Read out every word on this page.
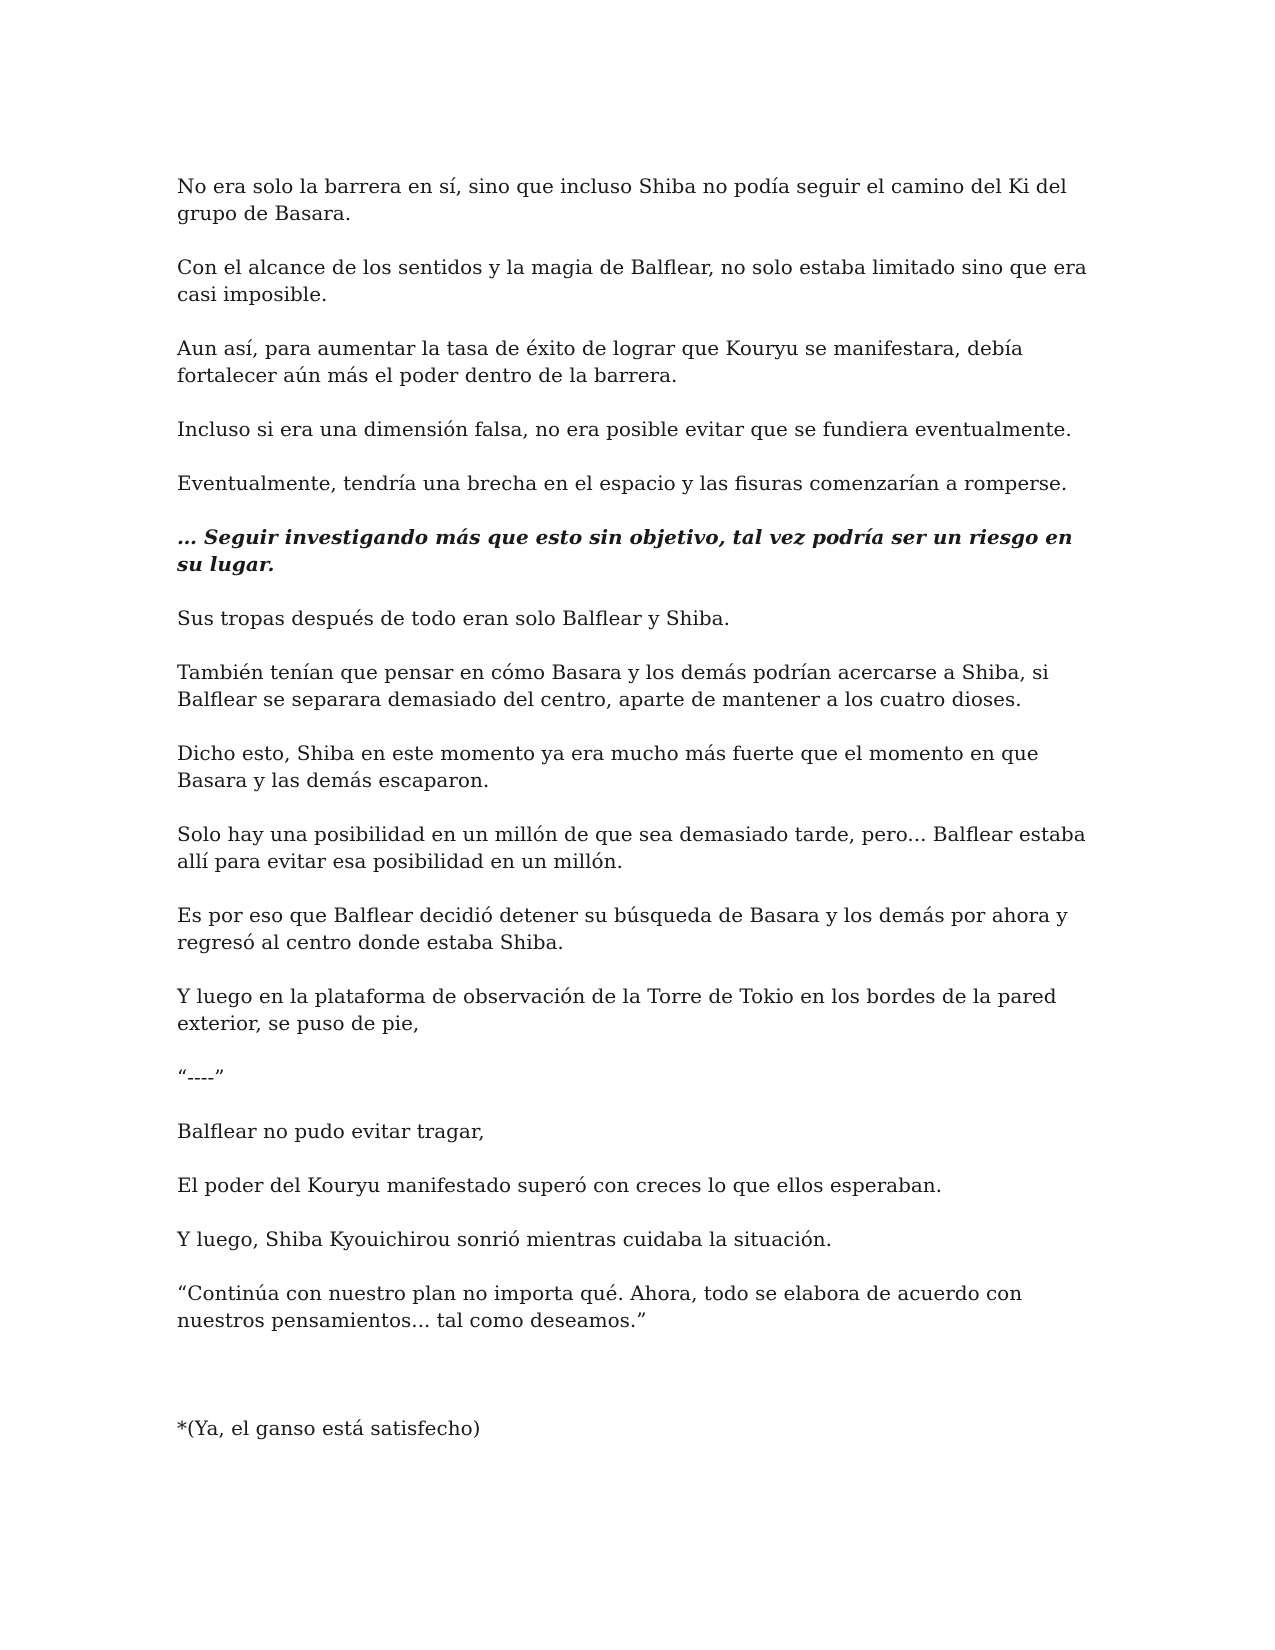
No era solo la barrera en sí, sino que incluso Shiba no podía seguir el camino del Ki del grupo de Basara.

Con el alcance de los sentidos y la magia de Balflear, no solo estaba limitado sino que era casi imposible.

Aun así, para aumentar la tasa de éxito de lograr que Kouryu se manifestara, debía fortalecer aún más el poder dentro de la barrera.

Incluso si era una dimensión falsa, no era posible evitar que se fundiera eventualmente.

Eventualmente, tendría una brecha en el espacio y las fisuras comenzarían a romperse.

… Seguir investigando más que esto sin objetivo, tal vez podría ser un riesgo en su lugar.

Sus tropas después de todo eran solo Balflear y Shiba.

También tenían que pensar en cómo Basara y los demás podrían acercarse a Shiba, si Balflear se separara demasiado del centro, aparte de mantener a los cuatro dioses.

Dicho esto, Shiba en este momento ya era mucho más fuerte que el momento en que Basara y las demás escaparon.

Solo hay una posibilidad en un millón de que sea demasiado tarde, pero... Balflear estaba allí para evitar esa posibilidad en un millón.

Es por eso que Balflear decidió detener su búsqueda de Basara y los demás por ahora y regresó al centro donde estaba Shiba.

Y luego en la plataforma de observación de la Torre de Tokio en los bordes de la pared exterior, se puso de pie,

“----”

Balflear no pudo evitar tragar,

El poder del Kouryu manifestado superó con creces lo que ellos esperaban.

Y luego, Shiba Kyouichirou sonrió mientras cuidaba la situación.

“Continúa con nuestro plan no importa qué. Ahora, todo se elabora de acuerdo con nuestros pensamientos... tal como deseamos.”

*(Ya, el ganso está satisfecho)
